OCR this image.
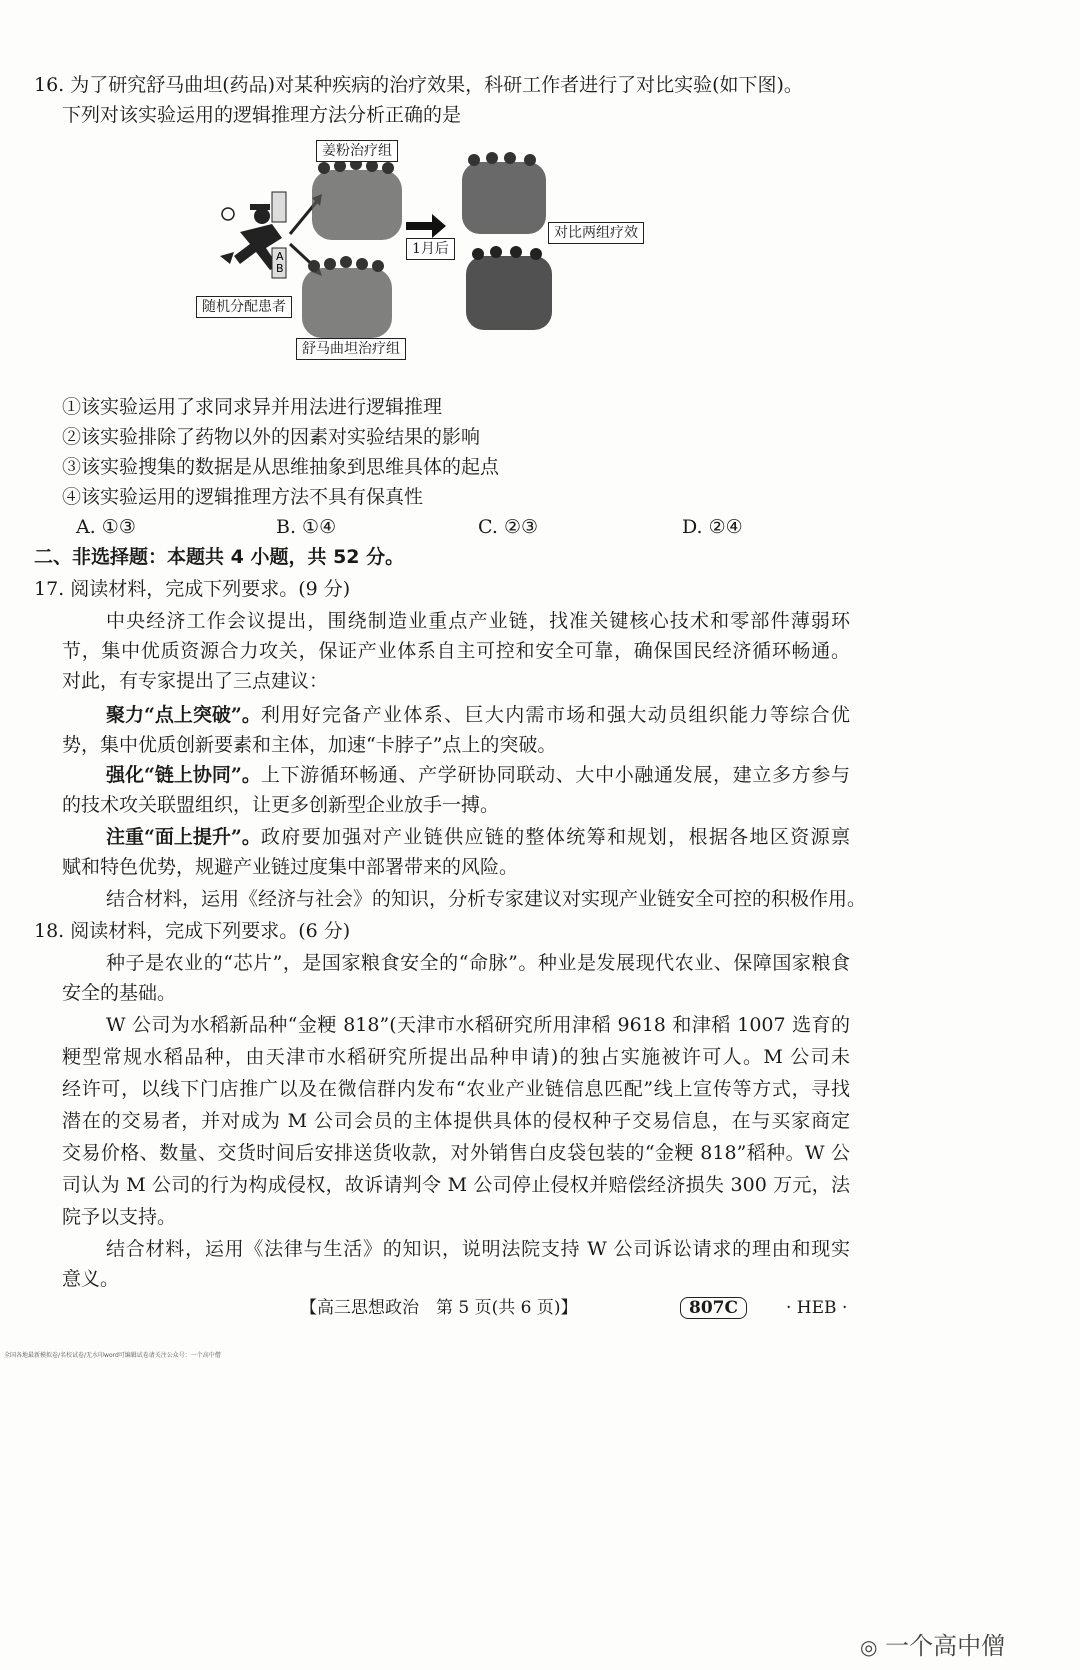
16. 为了研究舒马曲坦(药品)对某种疾病的治疗效果，科研工作者进行了对比实验(如下图)。
下列对该实验运用的逻辑推理方法分析正确的是
A
B
姜粉治疗组
随机分配患者
舒马曲坦治疗组
1月后
对比两组疗效
①该实验运用了求同求异并用法进行逻辑推理
②该实验排除了药物以外的因素对实验结果的影响
③该实验搜集的数据是从思维抽象到思维具体的起点
④该实验运用的逻辑推理方法不具有保真性
A. ①③	B. ①④	C. ②③	D. ②④
二、非选择题：本题共 4 小题，共 52 分。
17. 阅读材料，完成下列要求。(9 分)
中央经济工作会议提出，围绕制造业重点产业链，找准关键核心技术和零部件薄弱环
节，集中优质资源合力攻关，保证产业体系自主可控和安全可靠，确保国民经济循环畅通。
对此，有专家提出了三点建议：
聚力“点上突破”。 利用好完备产业体系、巨大内需市场和强大动员组织能力等综合优
势，集中优质创新要素和主体，加速“卡脖子”点上的突破。
强化“链上协同”。 上下游循环畅通、产学研协同联动、大中小融通发展，建立多方参与
的技术攻关联盟组织，让更多创新型企业放手一搏。
注重“面上提升”。 政府要加强对产业链供应链的整体统筹和规划，根据各地区资源禀
赋和特色优势，规避产业链过度集中部署带来的风险。
结合材料，运用《经济与社会》的知识，分析专家建议对实现产业链安全可控的积极作用。
18. 阅读材料，完成下列要求。(6 分)
种子是农业的“芯片”，是国家粮食安全的“命脉”。种业是发展现代农业、保障国家粮食
安全的基础。
W 公司为水稻新品种“金粳 818”(天津市水稻研究所用津稻 9618 和津稻 1007 选育的
粳型常规水稻品种，由天津市水稻研究所提出品种申请)的独占实施被许可人。M 公司未
经许可，以线下门店推广以及在微信群内发布“农业产业链信息匹配”线上宣传等方式，寻找
潜在的交易者，并对成为 M 公司会员的主体提供具体的侵权种子交易信息，在与买家商定
交易价格、数量、交货时间后安排送货收款，对外销售白皮袋包装的“金粳 818”稻种。W 公
司认为 M 公司的行为构成侵权，故诉请判令 M 公司停止侵权并赔偿经济损失 300 万元，法
院予以支持。
结合材料，运用《法律与生活》的知识，说明法院支持 W 公司诉讼请求的理由和现实
意义。
【高三思想政治　第 5 页(共 6 页)】	807C	· HEB ·
全国各地最新模拟卷/名校试卷/无水印word可编辑试卷请关注公众号：一个高中僧
◎ 一个高中僧
